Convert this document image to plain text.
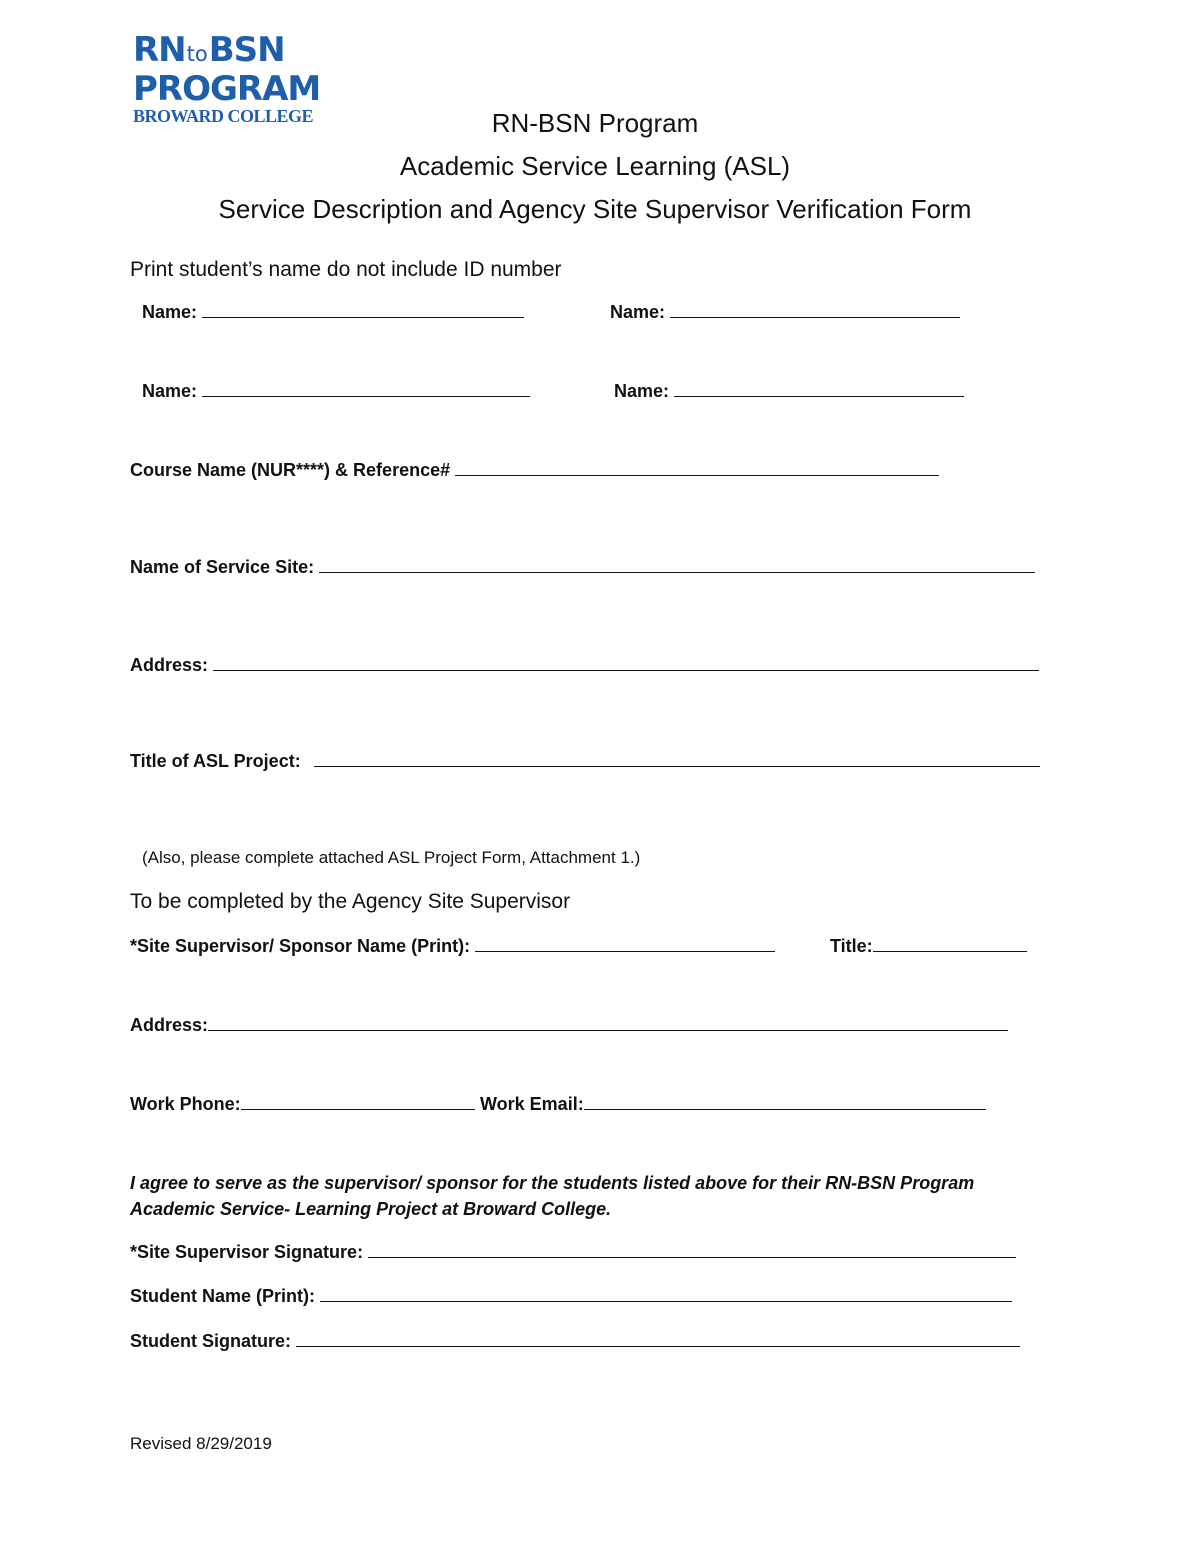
RNtoBSN
PROGRAM
BROWARD COLLEGE	RN-BSN Program
Academic Service Learning (ASL)
Service Description and Agency Site Supervisor Verification Form
Print student’s name do not include ID number
Name:	Name:
Name:	Name:
Course Name (NUR****) & Reference#
Name of Service Site:
Address:
Title of ASL Project:
(Also, please complete attached ASL Project Form, Attachment 1.)
To be completed by the Agency Site Supervisor
*Site Supervisor/ Sponsor Name (Print):	Title:
Address:
Work Phone:	Work Email:
I agree to serve as the supervisor/ sponsor for the students listed above for their RN-BSN Program Academic Service- Learning Project at Broward College.
*Site Supervisor Signature:
Student Name (Print):
Student Signature:
Revised 8/29/2019
